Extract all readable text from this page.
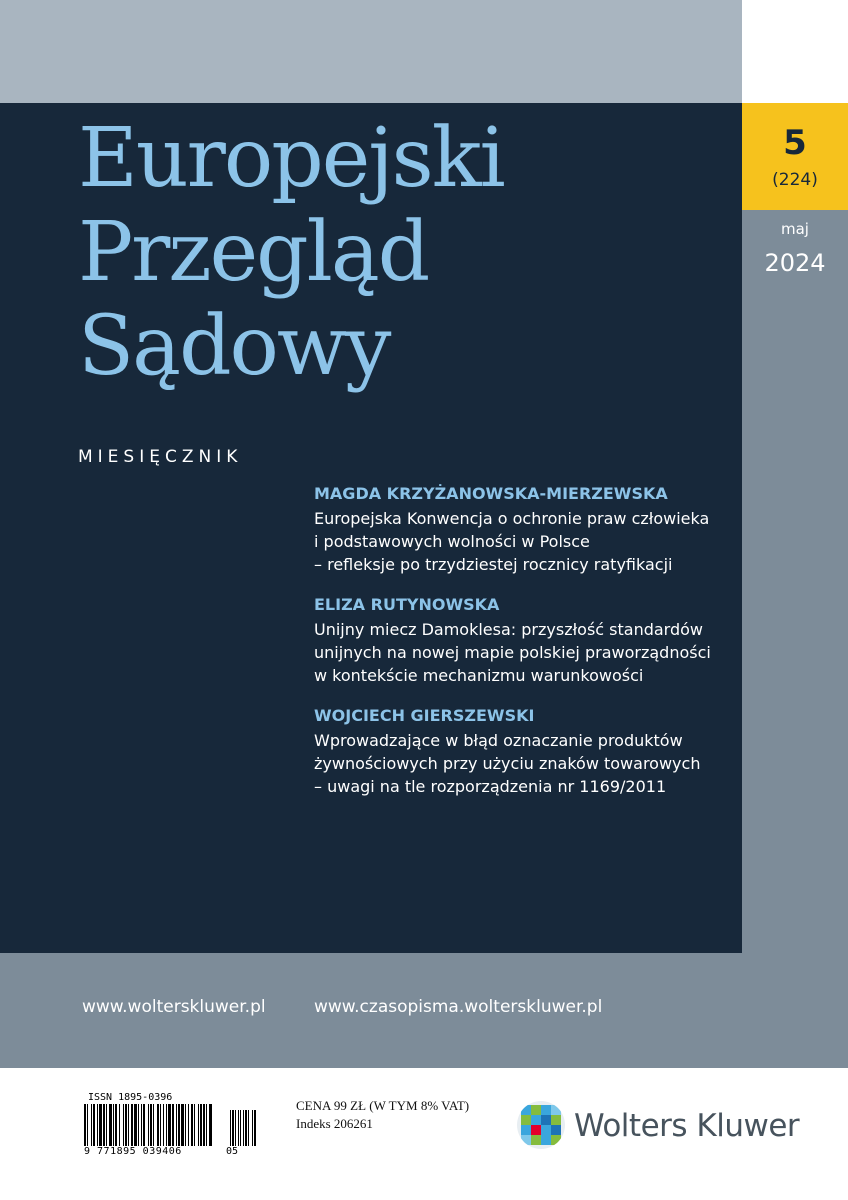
5
(224)
maj
2024
Europejski
Przegląd
Sądowy
MIESIĘCZNIK
MAGDA KRZYŻANOWSKA-MIERZEWSKA
Europejska Konwencja o ochronie praw człowieka
i podstawowych wolności w Polsce
– refleksje po trzydziestej rocznicy ratyfikacji
ELIZA RUTYNOWSKA
Unijny miecz Damoklesa: przyszłość standardów
unijnych na nowej mapie polskiej praworządności
w kontekście mechanizmu warunkowości
WOJCIECH GIERSZEWSKI
Wprowadzające w błąd oznaczanie produktów
żywnościowych przy użyciu znaków towarowych
– uwagi na tle rozporządzenia nr 1169/2011
www.wolterskluwer.pl	www.czasopisma.wolterskluwer.pl
ISSN 1895-0396
9 771895 039406	05
CENA 99 ZŁ (W TYM 8% VAT)
Indeks 206261	Wolters Kluwer
